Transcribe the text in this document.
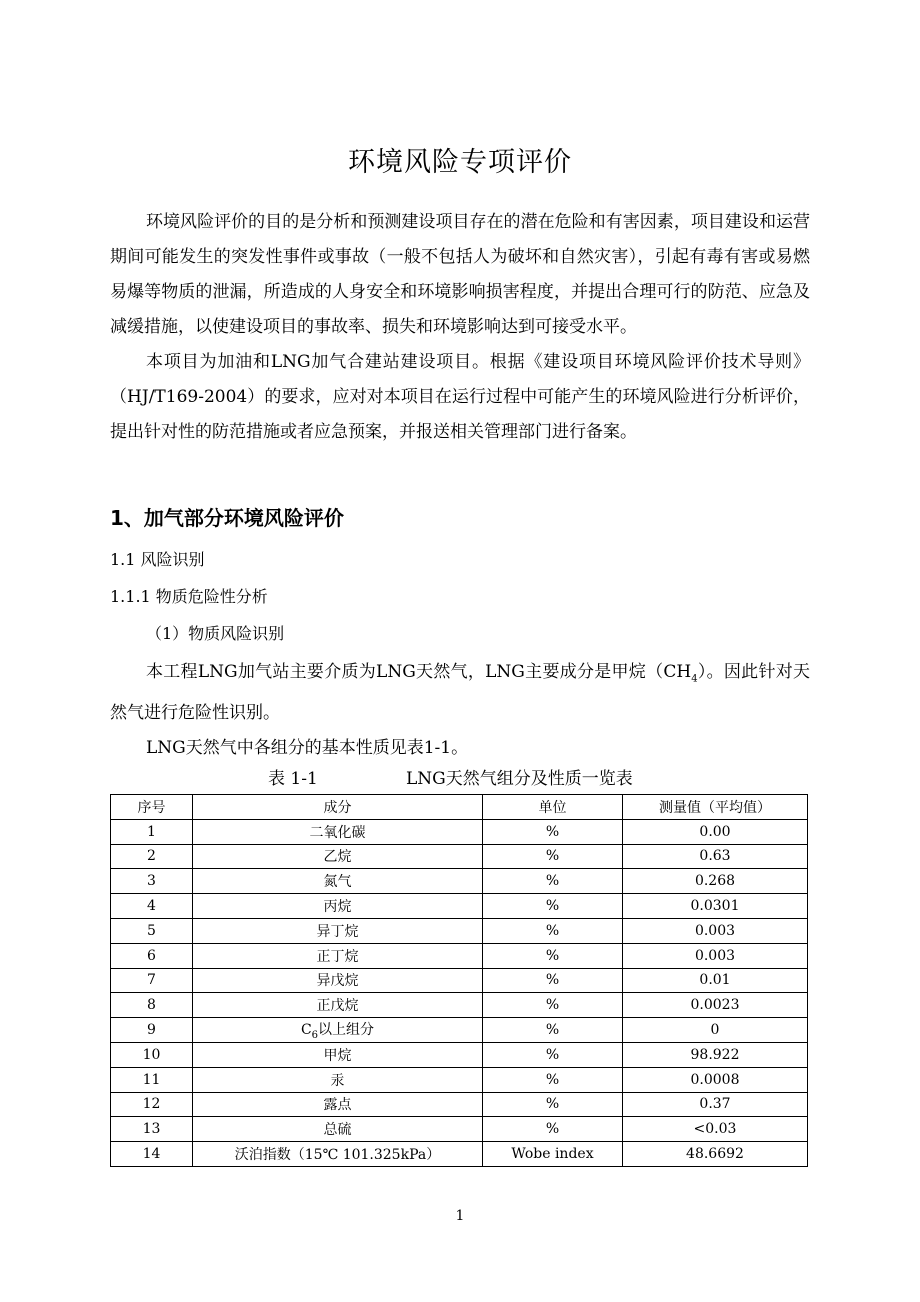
环境风险专项评价

环境风险评价的目的是分析和预测建设项目存在的潜在危险和有害因素，项目建设和运营期间可能发生的突发性事件或事故（一般不包括人为破坏和自然灾害），引起有毒有害或易燃易爆等物质的泄漏，所造成的人身安全和环境影响损害程度，并提出合理可行的防范、应急及减缓措施，以使建设项目的事故率、损失和环境影响达到可接受水平。

本项目为加油和LNG加气合建站建设项目。根据《建设项目环境风险评价技术导则》（HJ/T169-2004）的要求，应对对本项目在运行过程中可能产生的环境风险进行分析评价，提出针对性的防范措施或者应急预案，并报送相关管理部门进行备案。

1、加气部分环境风险评价
1.1 风险识别
1.1.1 物质危险性分析
（1）物质风险识别

本工程LNG加气站主要介质为LNG天然气，LNG主要成分是甲烷$(CH_4)$。因此针对天然气进行危险性识别。

LNG天然气中各组分的基本性质见表1-1。

表 1-1	LNG天然气组分及性质一览表
序号	成分	单位	测量值（平均值）
1	二氧化碳	%	0.00
2	乙烷	%	0.63
3	氮气	%	0.268
4	丙烷	%	0.0301
5	异丁烷	%	0.003
6	正丁烷	%	0.003
7	异戊烷	%	0.01
8	正戊烷	%	0.0023
9	$C_6$以上组分	%	0
10	甲烷	%	98.922
11	汞	%	0.0008
12	露点	%	0.37
13	总硫	%	<0.03
14	沃泊指数（15℃ 101.325kPa）	Wobe index	48.6692
1
